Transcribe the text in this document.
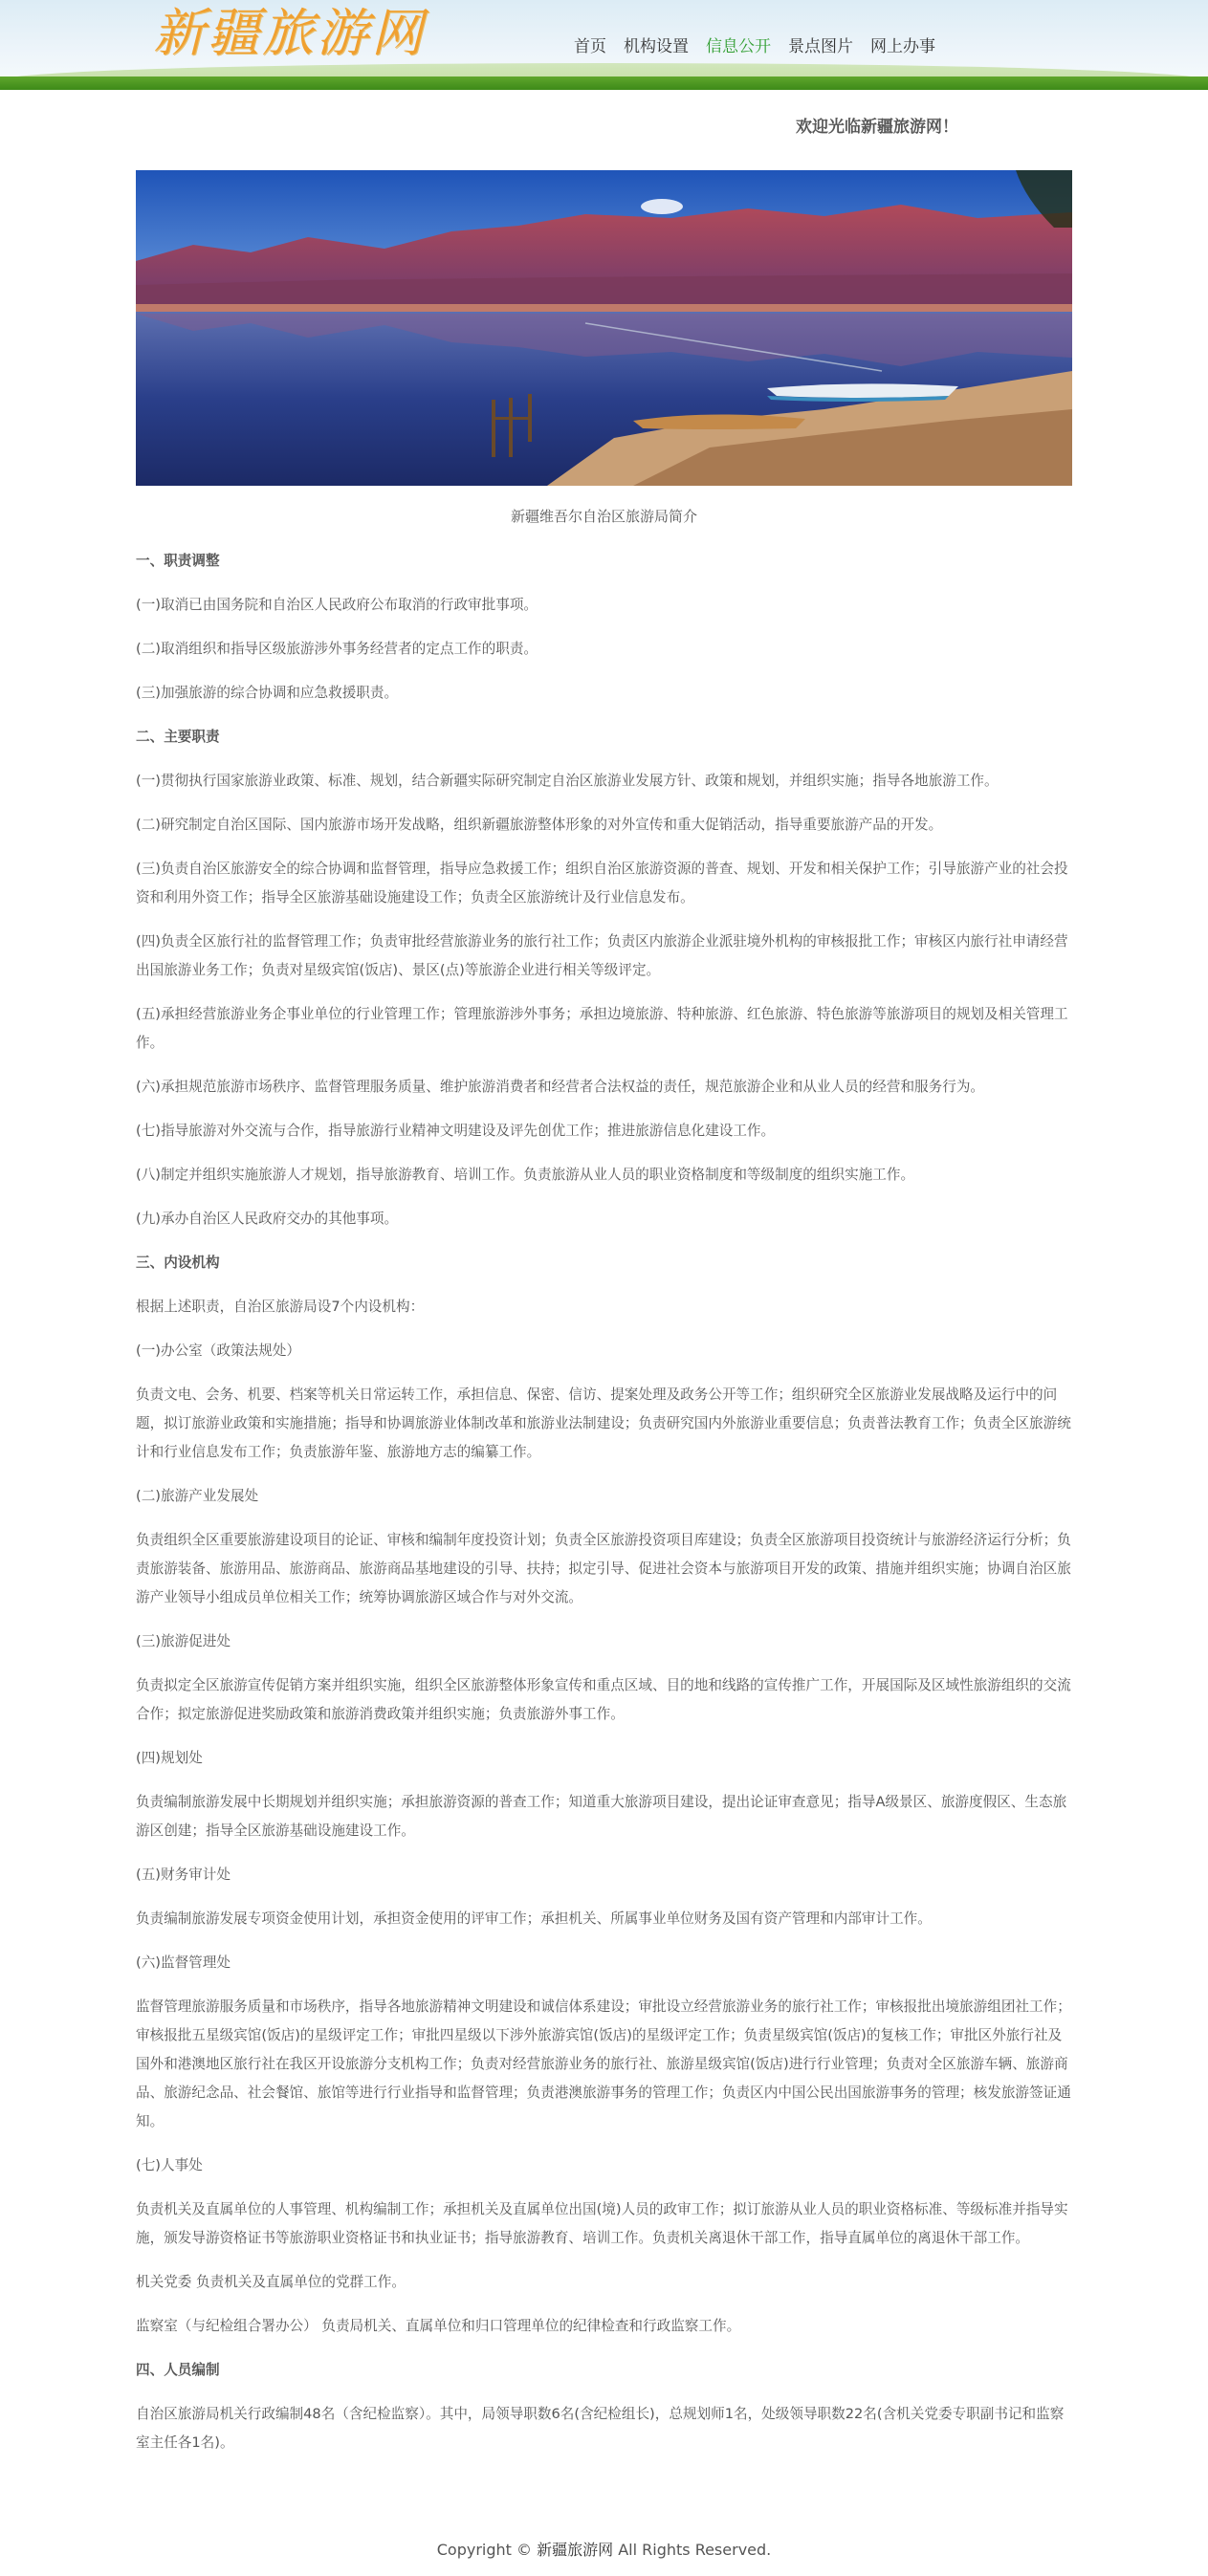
新疆旅游网	首页 机构设置 信息公开 景点图片 网上办事
欢迎光临新疆旅游网！
新疆维吾尔自治区旅游局简介

一、职责调整

(一)取消已由国务院和自治区人民政府公布取消的行政审批事项。

(二)取消组织和指导区级旅游涉外事务经营者的定点工作的职责。

(三)加强旅游的综合协调和应急救援职责。

二、主要职责

(一)贯彻执行国家旅游业政策、标准、规划，结合新疆实际研究制定自治区旅游业发展方针、政策和规划，并组织实施；指导各地旅游工作。

(二)研究制定自治区国际、国内旅游市场开发战略，组织新疆旅游整体形象的对外宣传和重大促销活动，指导重要旅游产品的开发。

(三)负责自治区旅游安全的综合协调和监督管理，指导应急救援工作；组织自治区旅游资源的普查、规划、开发和相关保护工作；引导旅游产业的社会投资和利用外资工作；指导全区旅游基础设施建设工作；负责全区旅游统计及行业信息发布。

(四)负责全区旅行社的监督管理工作；负责审批经营旅游业务的旅行社工作；负责区内旅游企业派驻境外机构的审核报批工作；审核区内旅行社申请经营出国旅游业务工作；负责对星级宾馆(饭店)、景区(点)等旅游企业进行相关等级评定。

(五)承担经营旅游业务企事业单位的行业管理工作；管理旅游涉外事务；承担边境旅游、特种旅游、红色旅游、特色旅游等旅游项目的规划及相关管理工作。

(六)承担规范旅游市场秩序、监督管理服务质量、维护旅游消费者和经营者合法权益的责任，规范旅游企业和从业人员的经营和服务行为。

(七)指导旅游对外交流与合作，指导旅游行业精神文明建设及评先创优工作；推进旅游信息化建设工作。

(八)制定并组织实施旅游人才规划，指导旅游教育、培训工作。负责旅游从业人员的职业资格制度和等级制度的组织实施工作。

(九)承办自治区人民政府交办的其他事项。

三、内设机构

根据上述职责，自治区旅游局设7个内设机构：

(一)办公室（政策法规处）

负责文电、会务、机要、档案等机关日常运转工作，承担信息、保密、信访、提案处理及政务公开等工作；组织研究全区旅游业发展战略及运行中的问题，拟订旅游业政策和实施措施；指导和协调旅游业体制改革和旅游业法制建设；负责研究国内外旅游业重要信息；负责普法教育工作；负责全区旅游统计和行业信息发布工作；负责旅游年鉴、旅游地方志的编纂工作。

(二)旅游产业发展处

负责组织全区重要旅游建设项目的论证、审核和编制年度投资计划；负责全区旅游投资项目库建设；负责全区旅游项目投资统计与旅游经济运行分析；负责旅游装备、旅游用品、旅游商品、旅游商品基地建设的引导、扶持；拟定引导、促进社会资本与旅游项目开发的政策、措施并组织实施；协调自治区旅游产业领导小组成员单位相关工作；统筹协调旅游区域合作与对外交流。

(三)旅游促进处

负责拟定全区旅游宣传促销方案并组织实施，组织全区旅游整体形象宣传和重点区域、目的地和线路的宣传推广工作，开展国际及区域性旅游组织的交流合作；拟定旅游促进奖励政策和旅游消费政策并组织实施；负责旅游外事工作。

(四)规划处

负责编制旅游发展中长期规划并组织实施；承担旅游资源的普查工作；知道重大旅游项目建设，提出论证审查意见；指导A级景区、旅游度假区、生态旅游区创建；指导全区旅游基础设施建设工作。

(五)财务审计处

负责编制旅游发展专项资金使用计划，承担资金使用的评审工作；承担机关、所属事业单位财务及国有资产管理和内部审计工作。

(六)监督管理处

监督管理旅游服务质量和市场秩序，指导各地旅游精神文明建设和诚信体系建设；审批设立经营旅游业务的旅行社工作；审核报批出境旅游组团社工作；审核报批五星级宾馆(饭店)的星级评定工作；审批四星级以下涉外旅游宾馆(饭店)的星级评定工作；负责星级宾馆(饭店)的复核工作；审批区外旅行社及国外和港澳地区旅行社在我区开设旅游分支机构工作；负责对经营旅游业务的旅行社、旅游星级宾馆(饭店)进行行业管理；负责对全区旅游车辆、旅游商品、旅游纪念品、社会餐馆、旅馆等进行行业指导和监督管理；负责港澳旅游事务的管理工作；负责区内中国公民出国旅游事务的管理；核发旅游签证通知。

(七)人事处

负责机关及直属单位的人事管理、机构编制工作；承担机关及直属单位出国(境)人员的政审工作；拟订旅游从业人员的职业资格标准、等级标准并指导实施，颁发导游资格证书等旅游职业资格证书和执业证书；指导旅游教育、培训工作。负责机关离退休干部工作，指导直属单位的离退休干部工作。

机关党委 负责机关及直属单位的党群工作。

监察室（与纪检组合署办公） 负责局机关、直属单位和归口管理单位的纪律检查和行政监察工作。

四、人员编制

自治区旅游局机关行政编制48名（含纪检监察）。其中，局领导职数6名(含纪检组长)，总规划师1名，处级领导职数22名(含机关党委专职副书记和监察室主任各1名)。

Copyright © 新疆旅游网 All Rights Reserved.
